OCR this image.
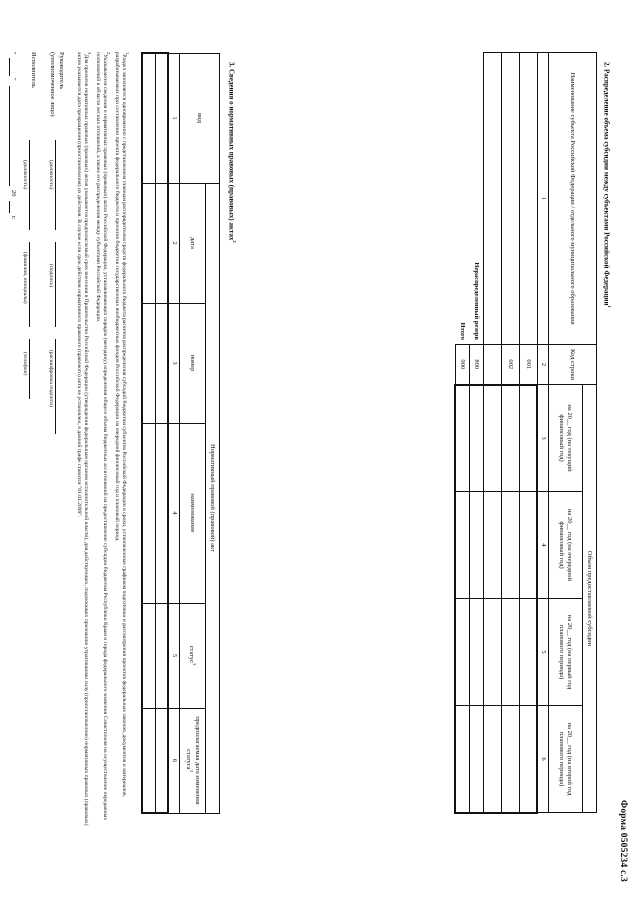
Форма 0505234 с.3
2. Распределение объема субсидии между субъектами Российской Федерации$^1$
Наименование субъекта Российской Федерации / отдельного муниципального образования	Код строки	Объем предоставляемой субсидии			
		на 20__ год (на текущий финансовый год)	на 20__ год (на очередной финансовый год)	на 20__ год (на первый год планового периода)	на 20__ год (на второй год планового периода)
1	2	3	4	5	6
	001				
	002				

Нераспределенный резерв	800				
Итого	900				
3. Сведения о нормативных правовых (правовых) актах$^2$
вид	Нормативный правовой (правовой) акт				
	дата	номер	наименование	статус$^3$	предполагаемая дата изменения статуса$^3$
1	2	3	4	5	6

$^1$Раздел заполняется одновременно с представлением главным распорядителем средств федерального бюджета расчетов распределения субсидий бюджетам субъектов Российской Федерации в сроки, установленные графиком подготовки и рассмотрения проектов федеральных законов, документов и материалов, разрабатываемых при составлении проекта федерального бюджета и проектов бюджетов государственных внебюджетных фондов Российской Федерации на очередной финансовый год и плановый период.

$^2$Указываются сведения о нормативных правовых (правовых) актах Российской Федерации, устанавливающих порядок (методику) определения общего объема бюджетных ассигнований на предоставление субсидии бюджетам Республики Крым и города федерального значения Севастополя на осуществление переданных полномочий в области лесных отношений, а также его распределения между субъектами Российской Федерации.

$^3$Для проектов нормативных правовых (правовых) актов указывается предполагаемый срок внесения в Правительство Российской Федерации (утверждения федеральным органом исполнительной власти), для действующих, подлежащих признанию утратившими силу (приостановлению) нормативных правовых (правовых) актов указывается дата прекращения (приостановления) их действия. В случае если срок действия нормативного правового (правового) акта не установлен, в данной графе ставится "01.01.2099".

Руководитель
(уполномоченное лицо)
(должность)
(подпись)
(расшифровка подписи)
Исполнитель
(должность)
(фамилия, инициалы)
(телефон)
"
"
20
г.
